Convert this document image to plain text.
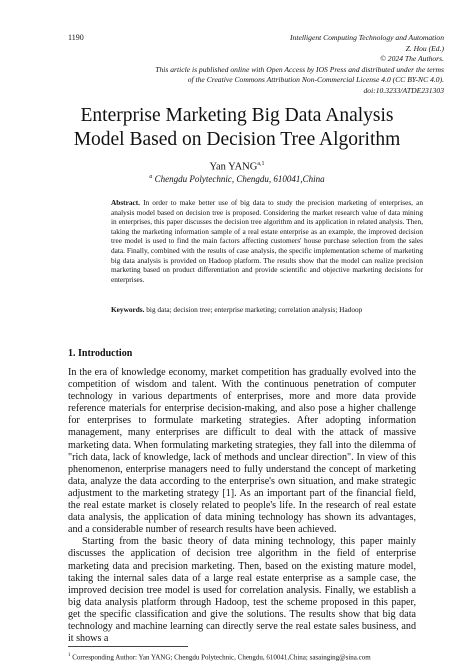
1190	Intelligent Computing Technology and Automation
Z. Hou (Ed.)
© 2024 The Authors.
This article is published online with Open Access by IOS Press and distributed under the terms
of the Creative Commons Attribution Non-Commercial License 4.0 (CC BY-NC 4.0).
doi:10.3233/ATDE231303
Enterprise Marketing Big Data Analysis
Model Based on Decision Tree Algorithm
Yan YANG$^{a,1}$
$^a$ Chengdu Polytechnic, Chengdu, 610041,China
Abstract. In order to make better use of big data to study the precision marketing of enterprises, an analysis model based on decision tree is proposed. Considering the market research value of data mining in enterprises, this paper discusses the decision tree algorithm and its application in related analysis. Then, taking the marketing information sample of a real estate enterprise as an example, the improved decision tree model is used to find the main factors affecting customers' house purchase selection from the sales data. Finally, combined with the results of case analysis, the specific implementation scheme of marketing big data analysis is provided on Hadoop platform. The results show that the model can realize precision marketing based on product differentiation and provide scientific and objective marketing decisions for enterprises.
Keywords. big data; decision tree; enterprise marketing; correlation analysis; Hadoop
1. Introduction

In the era of knowledge economy, market competition has gradually evolved into the competition of wisdom and talent. With the continuous penetration of computer technology in various departments of enterprises, more and more data provide reference materials for enterprise decision-making, and also pose a higher challenge for enterprises to formulate marketing strategies. After adopting information management, many enterprises are difficult to deal with the attack of massive marketing data. When formulating marketing strategies, they fall into the dilemma of "rich data, lack of knowledge, lack of methods and unclear direction". In view of this phenomenon, enterprise managers need to fully understand the concept of marketing data, analyze the data according to the enterprise's own situation, and make strategic adjustment to the marketing strategy [1]. As an important part of the financial field, the real estate market is closely related to people's life. In the research of real estate data analysis, the application of data mining technology has shown its advantages, and a considerable number of research results have been achieved.

Starting from the basic theory of data mining technology, this paper mainly discusses the application of decision tree algorithm in the field of enterprise marketing data and precision marketing. Then, based on the existing mature model, taking the internal sales data of a large real estate enterprise as a sample case, the improved decision tree model is used for correlation analysis. Finally, we establish a big data analysis platform through Hadoop, test the scheme proposed in this paper, get the specific classification and give the solutions. The results show that big data technology and machine learning can directly serve the real estate sales business, and it shows a

$^1$ Corresponding Author: Yan YANG; Chengdu Polytechnic, Chengdu, 610041,China; sasainging@sina.com
